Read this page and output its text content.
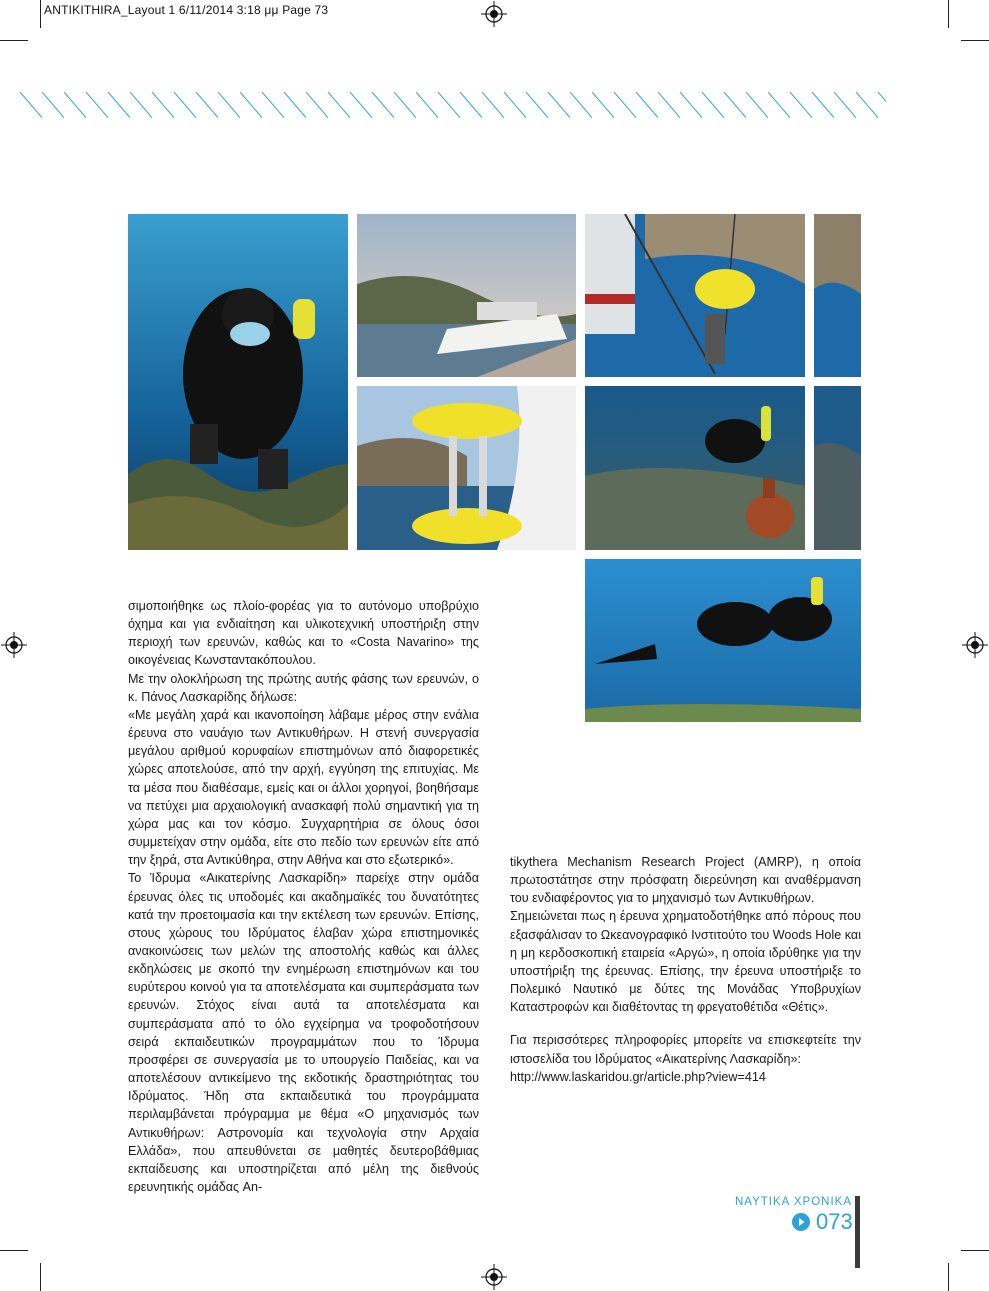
ANTIKITHIRA_Layout 1 6/11/2014 3:18 μμ Page 73

σιμοποιήθηκε ως πλοίο-φορέας για το αυτόνομο υποβρύχιο όχημα και για ενδιαίτηση και υλικοτεχνική υποστήριξη στην περιοχή των ερευνών, καθώς και το «Costa Navarino» της οικογένειας Κωνσταντακόπουλου.

Με την ολοκλήρωση της πρώτης αυτής φάσης των ερευνών, ο κ. Πάνος Λασκαρίδης δήλωσε:

«Με μεγάλη χαρά και ικανοποίηση λάβαμε μέρος στην ενάλια έρευνα στο ναυάγιο των Αντικυθήρων. Η στενή συνεργασία μεγάλου αριθμού κορυφαίων επιστημόνων από διαφορετικές χώρες αποτελούσε, από την αρχή, εγγύηση της επιτυχίας. Με τα μέσα που διαθέσαμε, εμείς και οι άλλοι χορηγοί, βοηθήσαμε να πετύχει μια αρχαιολογική ανασκαφή πολύ σημαντική για τη χώρα μας και τον κόσμο. Συγχαρητήρια σε όλους όσοι συμμετείχαν στην ομάδα, είτε στο πεδίο των ερευνών είτε από την ξηρά, στα Αντικύθηρα, στην Αθήνα και στο εξωτερικό».

Το Ίδρυμα «Αικατερίνης Λασκαρίδη» παρείχε στην ομάδα έρευνας όλες τις υποδομές και ακαδημαϊκές του δυνατότητες κατά την προετοιμασία και την εκτέλεση των ερευνών. Επίσης, στους χώρους του Ιδρύματος έλαβαν χώρα επιστημονικές ανακοινώσεις των μελών της αποστολής καθώς και άλλες εκδηλώσεις με σκοπό την ενημέρωση επιστημόνων και του ευρύτερου κοινού για τα αποτελέσματα και συμπεράσματα των ερευνών. Στόχος είναι αυτά τα αποτελέσματα και συμπεράσματα από το όλο εγχείρημα να τροφοδοτήσουν σειρά εκπαιδευτικών προγραμμάτων που το Ίδρυμα προσφέρει σε συνεργασία με το υπουργείο Παιδείας, και να αποτελέσουν αντικείμενο της εκδοτικής δραστηριότητας του Ιδρύματος. Ήδη στα εκπαιδευτικά του προγράμματα περιλαμβάνεται πρόγραμμα με θέμα «Ο μηχανισμός των Αντικυθήρων: Αστρονομία και τεχνολογία στην Αρχαία Ελλάδα», που απευθύνεται σε μαθητές δευτεροβάθμιας εκπαίδευσης και υποστηρίζεται από μέλη της διεθνούς ερευνητικής ομάδας An-

tikythera Mechanism Research Project (AMRP), η οποία πρωτοστάτησε στην πρόσφατη διερεύνηση και αναθέρμανση του ενδιαφέροντος για το μηχανισμό των Αντικυθήρων.

Σημειώνεται πως η έρευνα χρηματοδοτήθηκε από πόρους που εξασφάλισαν το Ωκεανογραφικό Ινστιτούτο του Woods Hole και η μη κερδοσκοπική εταιρεία «Αργώ», η οποία ιδρύθηκε για την υποστήριξη της έρευνας. Επίσης, την έρευνα υποστήριξε το Πολεμικό Ναυτικό με δύτες της Μονάδας Υποβρυχίων Καταστροφών και διαθέτοντας τη φρεγατοθέτιδα «Θέτις».

Για περισσότερες πληροφορίες μπορείτε να επισκεφτείτε την ιστοσελίδα του Ιδρύματος «Αικατερίνης Λασκαρίδη»:

http://www.laskaridou.gr/article.php?view=414

ΝΑΥΤΙΚΑ ΧΡΟΝΙΚΑ
073
